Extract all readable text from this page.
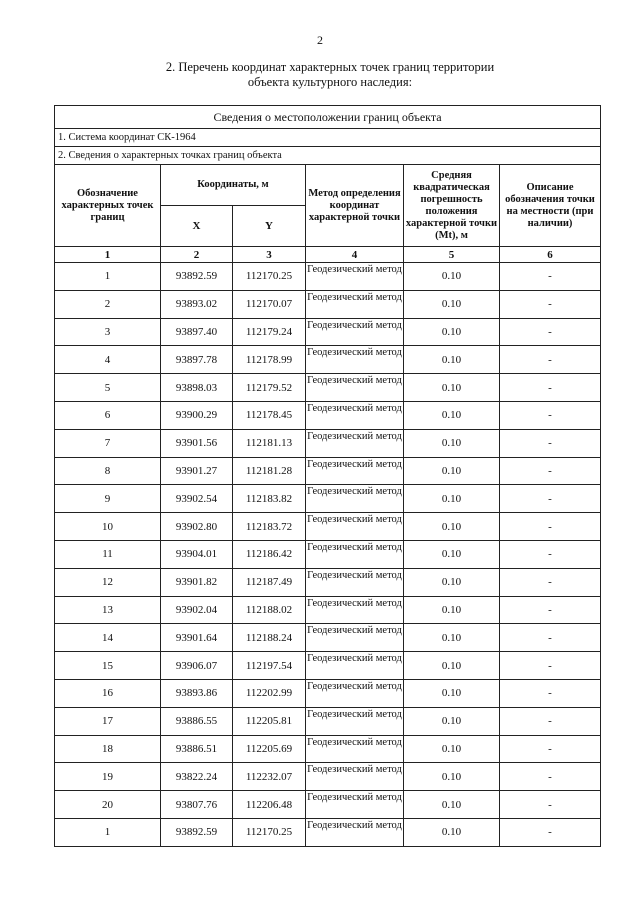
2
2. Перечень координат характерных точек границ территории
объекта культурного наследия:
Сведения о местоположении границ объекта					
1. Система координат СК-1964					
2. Сведения о характерных точках границ объекта					
Обозначение характерных точек границ	Координаты, м		Метод определения координат характерной точки	Средняя квадратическая погрешность положения характерной точки (Mt), м	Описание обозначения точки на местности (при наличии)
	X	Y			
1	2	3	4	5	6
1	93892.59	112170.25	Геодезический метод	0.10	-
2	93893.02	112170.07	Геодезический метод	0.10	-
3	93897.40	112179.24	Геодезический метод	0.10	-
4	93897.78	112178.99	Геодезический метод	0.10	-
5	93898.03	112179.52	Геодезический метод	0.10	-
6	93900.29	112178.45	Геодезический метод	0.10	-
7	93901.56	112181.13	Геодезический метод	0.10	-
8	93901.27	112181.28	Геодезический метод	0.10	-
9	93902.54	112183.82	Геодезический метод	0.10	-
10	93902.80	112183.72	Геодезический метод	0.10	-
11	93904.01	112186.42	Геодезический метод	0.10	-
12	93901.82	112187.49	Геодезический метод	0.10	-
13	93902.04	112188.02	Геодезический метод	0.10	-
14	93901.64	112188.24	Геодезический метод	0.10	-
15	93906.07	112197.54	Геодезический метод	0.10	-
16	93893.86	112202.99	Геодезический метод	0.10	-
17	93886.55	112205.81	Геодезический метод	0.10	-
18	93886.51	112205.69	Геодезический метод	0.10	-
19	93822.24	112232.07	Геодезический метод	0.10	-
20	93807.76	112206.48	Геодезический метод	0.10	-
1	93892.59	112170.25	Геодезический метод	0.10	-
